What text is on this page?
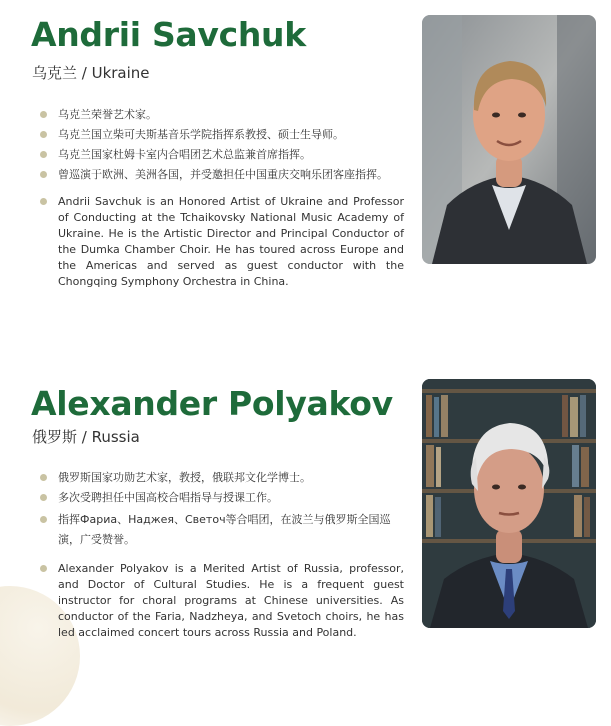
Andrii Savchuk
乌克兰 / Ukraine
乌克兰荣誉艺术家。
乌克兰国立柴可夫斯基音乐学院指挥系教授、硕士生导师。
乌克兰国家杜姆卡室内合唱团艺术总监兼首席指挥。
曾巡演于欧洲、美洲各国，并受邀担任中国重庆交响乐团客座指挥。
Andrii Savchuk is an Honored Artist of Ukraine and Professor of Conducting at the Tchaikovsky National Music Academy of Ukraine. He is the Artistic Director and Principal Conductor of the Dumka Chamber Choir. He has toured across Europe and the Americas and served as guest conductor with the Chongqing Symphony Orchestra in China.
Alexander Polyakov
俄罗斯 / Russia
俄罗斯国家功勋艺术家，教授，俄联邦文化学博士。
多次受聘担任中国高校合唱指导与授课工作。
指挥Фариа、Наджея、Светоч等合唱团，在波兰与俄罗斯全国巡演，广受赞誉。
Alexander Polyakov is a Merited Artist of Russia, professor, and Doctor of Cultural Studies. He is a frequent guest instructor for choral programs at Chinese universities. As conductor of the Faria, Nadzheya, and Svetoch choirs, he has led acclaimed concert tours across Russia and Poland.
